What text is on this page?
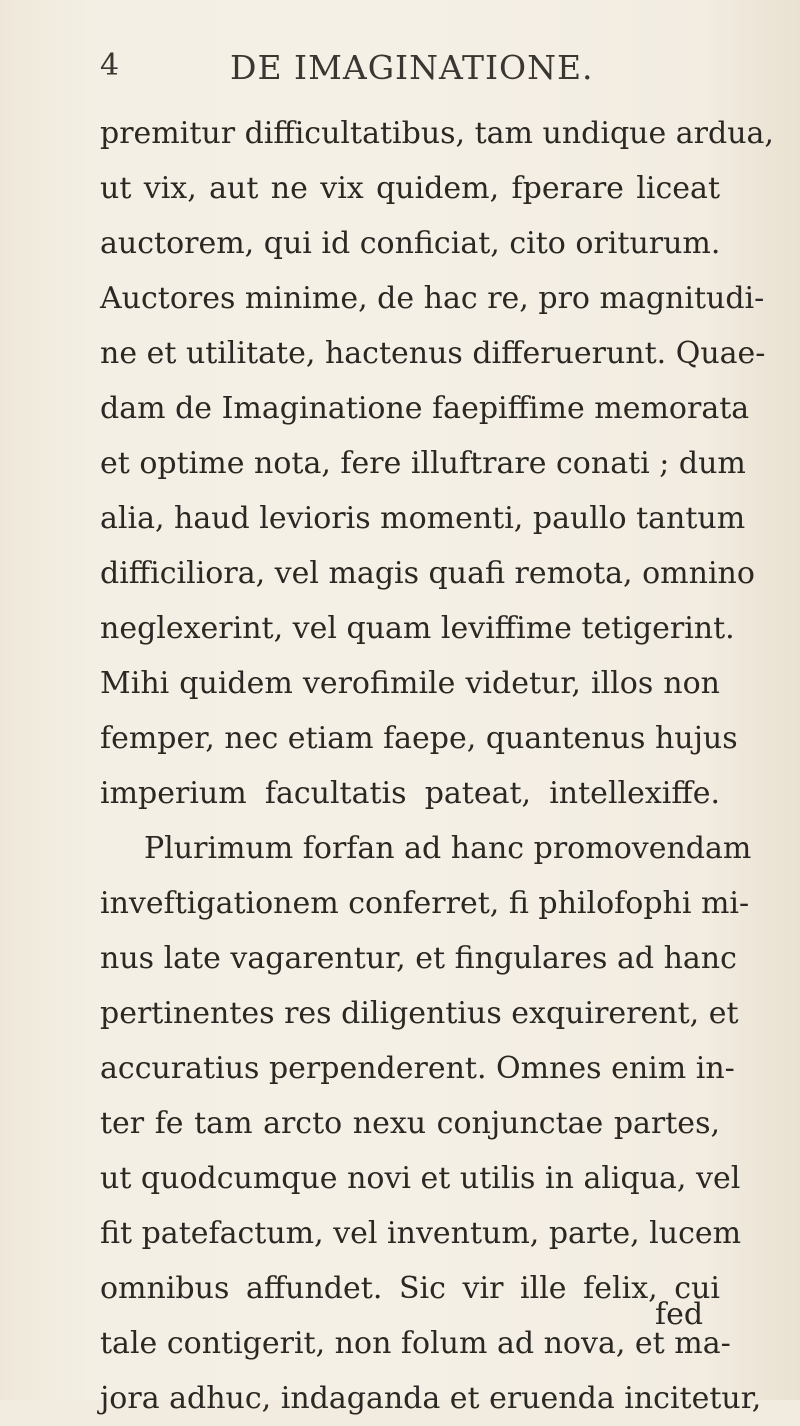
4	DE IMAGINATIONE.
premitur difficultatibus, tam undique ardua,
ut vix, aut ne vix quidem, fperare liceat
auctorem, qui id conficiat, cito oriturum.
Auctores minime, de hac re, pro magnitudi-
ne et utilitate, hactenus differuerunt. Quae-
dam de Imaginatione faepiffime memorata
et optime nota, fere illuftrare conati ; dum
alia, haud levioris momenti, paullo tantum
difficiliora, vel magis quafi remota, omnino
neglexerint, vel quam leviffime tetigerint.
Mihi quidem verofimile videtur, illos non
femper, nec etiam faepe, quantenus hujus
imperium facultatis pateat, intellexiffe.
Plurimum forfan ad hanc promovendam
inveftigationem conferret, fi philofophi mi-
nus late vagarentur, et fingulares ad hanc
pertinentes res diligentius exquirerent, et
accuratius perpenderent. Omnes enim in-
ter fe tam arcto nexu conjunctae partes,
ut quodcumque novi et utilis in aliqua, vel
fit patefactum, vel inventum, parte, lucem
omnibus affundet. Sic vir ille felix, cui
tale contigerit, non folum ad nova, et ma-
jora adhuc, indaganda et eruenda incitetur,
fed
